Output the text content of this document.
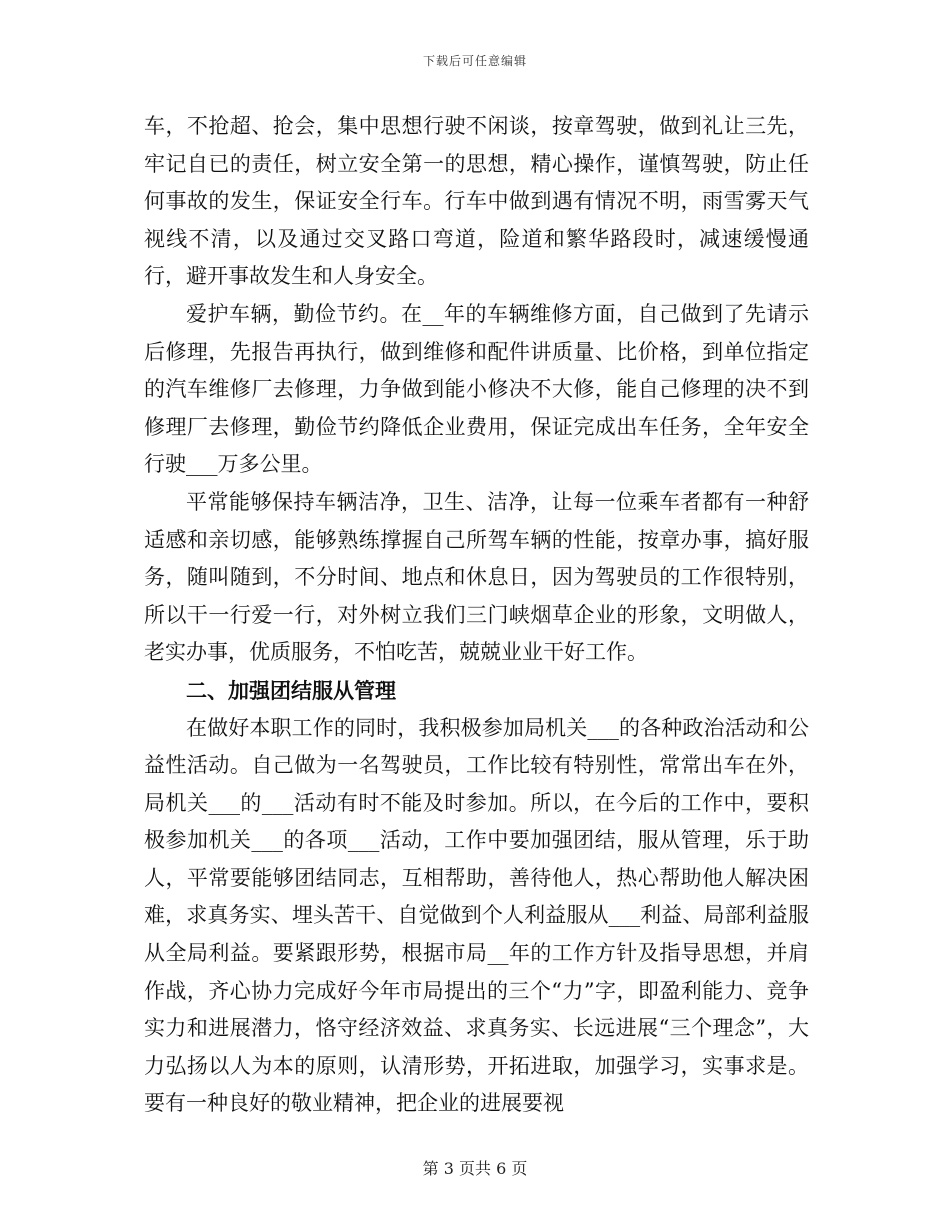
下载后可任意编辑

车，不抢超、抢会，集中思想行驶不闲谈，按章驾驶，做到礼让三先，牢记自已的责任，树立安全第一的思想，精心操作，谨慎驾驶，防止任何事故的发生，保证安全行车。行车中做到遇有情况不明，雨雪雾天气视线不清，以及通过交叉路口弯道，险道和繁华路段时，减速缓慢通行，避开事故发生和人身安全。

爱护车辆，勤俭节约。在__年的车辆维修方面，自己做到了先请示后修理，先报告再执行，做到维修和配件讲质量、比价格，到单位指定的汽车维修厂去修理，力争做到能小修决不大修，能自己修理的决不到修理厂去修理，勤俭节约降低企业费用，保证完成出车任务，全年安全行驶___万多公里。

平常能够保持车辆洁净，卫生、洁净，让每一位乘车者都有一种舒适感和亲切感，能够熟练撑握自己所驾车辆的性能，按章办事，搞好服务，随叫随到，不分时间、地点和休息日，因为驾驶员的工作很特别，所以干一行爱一行，对外树立我们三门峡烟草企业的形象，文明做人，老实办事，优质服务，不怕吃苦，兢兢业业干好工作。

二、加强团结服从管理

在做好本职工作的同时，我积极参加局机关___的各种政治活动和公益性活动。自己做为一名驾驶员，工作比较有特别性，常常出车在外，局机关___的___活动有时不能及时参加。所以，在今后的工作中，要积极参加机关___的各项___活动，工作中要加强团结，服从管理，乐于助人，平常要能够团结同志，互相帮助，善待他人，热心帮助他人解决困难，求真务实、埋头苦干、自觉做到个人利益服从___利益、局部利益服从全局利益。要紧跟形势，根据市局__年的工作方针及指导思想，并肩作战，齐心协力完成好今年市局提出的三个“力”字，即盈利能力、竞争实力和进展潜力，恪守经济效益、求真务实、长远进展“三个理念”，大力弘扬以人为本的原则，认清形势，开拓进取，加强学习，实事求是。要有一种良好的敬业精神，把企业的进展要视

第 3 页共 6 页
